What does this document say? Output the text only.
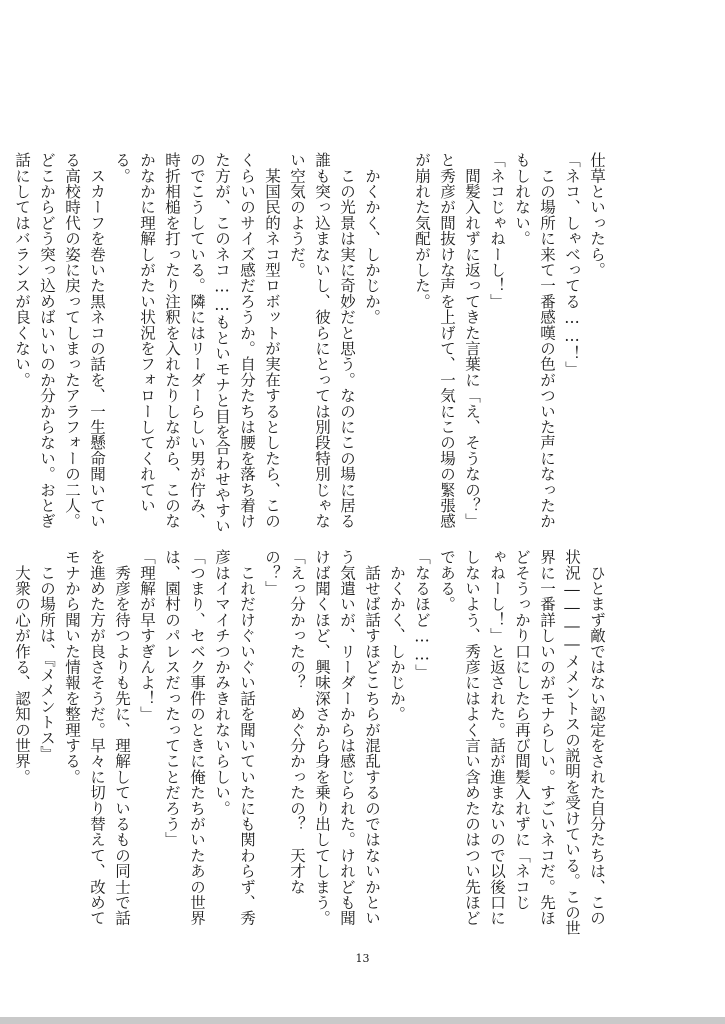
仕草といったら。
「ネコ、しゃべってる……！」
　この場所に来て一番感嘆の色がついた声になったか
もしれない。
「ネコじゃねーし！」
　間髪入れずに返ってきた言葉に「え、そうなの？」
と秀彦が間抜けな声を上げて、一気にこの場の緊張感
が崩れた気配がした。
　かくかく、しかじか。
　この光景は実に奇妙だと思う。なのにこの場に居る
誰も突っ込まないし、彼らにとっては別段特別じゃな
い空気のようだ。
　某国民的ネコ型ロボットが実在するとしたら、この
くらいのサイズ感だろうか。自分たちは腰を落ち着け
た方が、このネコ……もといモナと目を合わせやすい
のでこうしている。隣にはリーダーらしい男が佇み、
時折相槌を打ったり注釈を入れたりしながら、このな
かなかに理解しがたい状況をフォローしてくれてい
る。
　スカーフを巻いた黒ネコの話を、一生懸命聞いてい
る高校時代の姿に戻ってしまったアラフォーの二人。
どこからどう突っ込めばいいのか分からない。おとぎ
話にしてはバランスが良くない。
　ひとまず敵ではない認定をされた自分たちは、この
状況――――メメントスの説明を受けている。この世
界に一番詳しいのがモナらしい。すごいネコだ。先ほ
どそうっかり口にしたら再び間髪入れずに「ネコじ
ゃねーし！」と返された。話が進まないので以後口に
しないよう、秀彦にはよく言い含めたのはつい先ほど
である。
「なるほど……」
　かくかく、しかじか。
　話せば話すほどこちらが混乱するのではないかとい
う気遣いが、リーダーからは感じられた。けれども聞
けば聞くほど、興味深さから身を乗り出してしまう。
「えっ分かったの？　めぐ分かったの？　天才な
の？」
　これだけぐいぐい話を聞いていたにも関わらず、秀
彦はイマイチつかみきれないらしい。
「つまり、セベク事件のときに俺たちがいたあの世界
は、園村のパレスだったってことだろう」
「理解が早すぎんよ！」
　秀彦を待つよりも先に、理解しているもの同士で話
を進めた方が良さそうだ。早々に切り替えて、改めて
モナから聞いた情報を整理する。
　この場所は、『メメントス』
　大衆の心が作る、認知の世界。
13
